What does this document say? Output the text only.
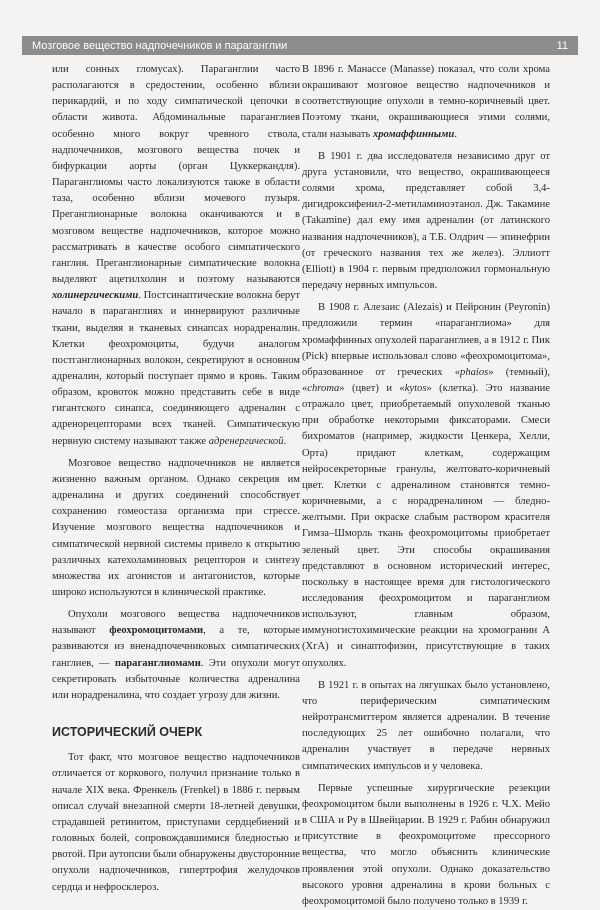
Мозговое вещество надпочечников и параганглии	11

или сонных гломусах). Параганглии часто располагаются в средостении, особенно вблизи перикардий, и по ходу симпатической цепочки в области живота. Абдоминальные параганглиев особенно много вокруг чревного ствола, надпочечников, мозгового вещества почек и бифуркации аорты (орган Цуккеркандля). Параганглиомы часто локализуются также в области таза, особенно вблизи мочевого пузыря. Преганглионарные волокна оканчиваются и в мозговом веществе надпочечников, которое можно рассматривать в качестве особого симпатического ганглия. Преганглионарные симпатические волокна выделяют ацетилхолин и поэтому называются холинергическими. Постсинаптические волокна берут начало в параганглиях и иннервируют различные ткани, выделяя в тканевых синапсах норадреналин. Клетки феохромоциты, будучи аналогом постганглионарных волокон, секретируют в основном адреналин, который поступает прямо в кровь. Таким образом, кровоток можно представить себе в виде гигантского синапса, соединяющего адреналин с адренорецепторами всех тканей. Симпатическую нервную систему называют также адренергической.

Мозговое вещество надпочечников не является жизненно важным органом. Однако секреция им адреналина и других соединений способствует сохранению гомеостаза организма при стрессе. Изучение мозгового вещества надпочечников и симпатической нервной системы привело к открытию различных катехоламиновых рецепторов и синтезу множества их агонистов и антагонистов, которые широко используются в клинической практике.

Опухоли мозгового вещества надпочечников называют феохромоцитомами, а те, которые развиваются из вненадпочечниковых симпатических ганглиев, — параганглиомами. Эти опухоли могут секретировать избыточные количества адреналина или норадреналина, что создает угрозу для жизни.

ИСТОРИЧЕСКИЙ ОЧЕРК

Тот факт, что мозговое вещество надпочечников отличается от коркового, получил признание только в начале XIX века. Френкель (Frenkel) в 1886 г. первым описал случай внезапной смерти 18-летней девушки, страдавшей ретинитом, приступами сердцебиений и головных болей, сопровождавшимися бледностью и рвотой. При аутопсии были обнаружены двусторонние опухоли надпочечников, гипертрофия желудочков сердца и нефросклероз.

В 1896 г. Манассе (Manasse) показал, что соли хрома окрашивают мозговое вещество надпочечников и соответствующие опухоли в темно-коричневый цвет. Поэтому ткани, окрашивающиеся этими солями, стали называть хромаффинными.

В 1901 г. два исследователя независимо друг от друга установили, что вещество, окрашивающееся солями хрома, представляет собой 3,4-дигидроксифенил-2-метиламиноэтанол. Дж. Такамине (Takamine) дал ему имя адреналин (от латинского названия надпочечников), а Т.Б. Олдрич — эпинефрин (от греческого названия тех же желез). Эллиотт (Elliott) в 1904 г. первым предположил гормональную передачу нервных импульсов.

В 1908 г. Алезаис (Alezais) и Пейронин (Peyronin) предложили термин «параганглиома» для хромаффинных опухолей параганглиев, а в 1912 г. Пик (Pick) впервые использовал слово «феохромоцитома», образованное от греческих «phaios» (темный), «chroma» (цвет) и «kytos» (клетка). Это название отражало цвет, приобретаемый опухолевой тканью при обработке некоторыми фиксаторами. Смеси бихроматов (например, жидкости Ценкера, Хелли, Орта) придают клеткам, содержащим нейросекреторные гранулы, желтовато-коричневый цвет. Клетки с адреналином становятся темно-коричневыми, а с норадреналином — бледно-желтыми. При окраске слабым раствором красителя Гимза–Шморль ткань феохромоцитомы приобретает зеленый цвет. Эти способы окрашивания представляют в основном исторический интерес, поскольку в настоящее время для гистологического исследования феохромоцитом и параганглиом используют, главным образом, иммуногистохимические реакции на хромогранин А (ХгА) и синаптофизин, присутствующие в таких опухолях.

В 1921 г. в опытах на лягушках было установлено, что периферическим симпатическим нейротрансмиттером является адреналин. В течение последующих 25 лет ошибочно полагали, что адреналин участвует в передаче нервных симпатических импульсов и у человека.

Первые успешные хирургические резекции феохромоцитом были выполнены в 1926 г. Ч.Х. Мейо в США и Ру в Швейцарии. В 1929 г. Рабин обнаружил присутствие в феохромоцитоме прессорного вещества, что могло объяснить клинические проявления этой опухоли. Однако доказательство высокого уровня адреналина в крови больных с феохромоцитомой было получено только в 1939 г.
